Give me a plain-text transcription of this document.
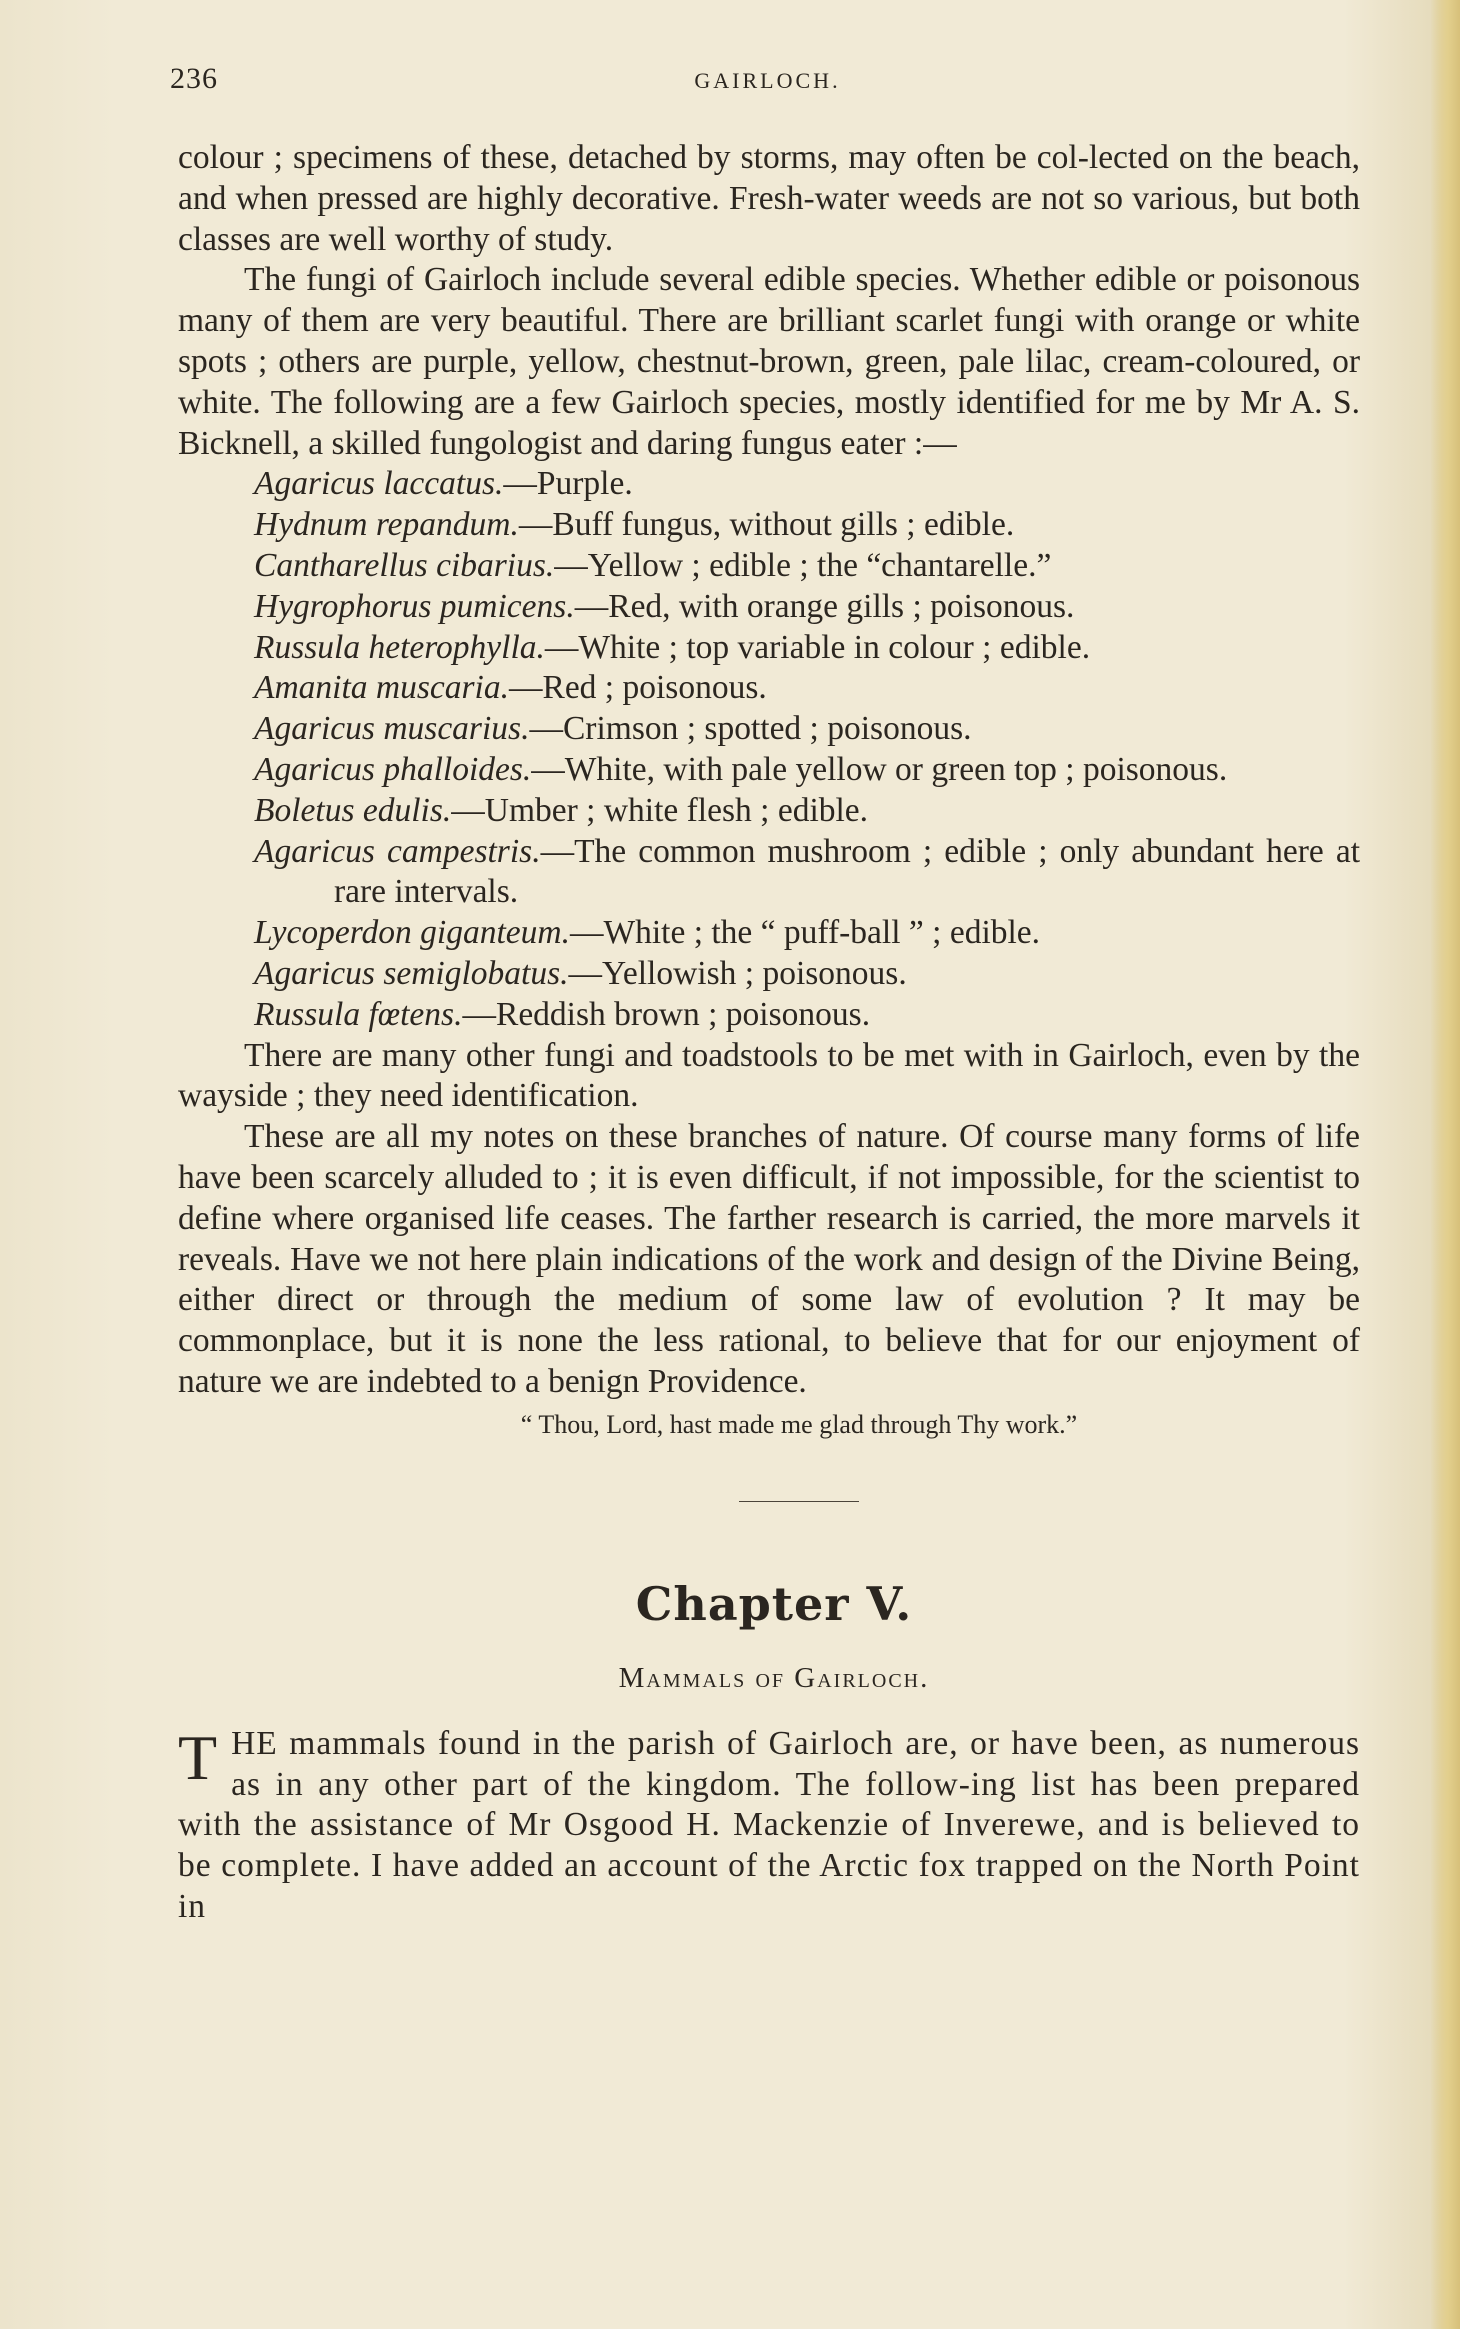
236	GAIRLOCH.

colour ; specimens of these, detached by storms, may often be col-lected on the beach, and when pressed are highly decorative. Fresh-water weeds are not so various, but both classes are well worthy of study.

The fungi of Gairloch include several edible species. Whether edible or poisonous many of them are very beautiful. There are brilliant scarlet fungi with orange or white spots ; others are purple, yellow, chestnut-brown, green, pale lilac, cream-coloured, or white. The following are a few Gairloch species, mostly identified for me by Mr A. S. Bicknell, a skilled fungologist and daring fungus eater :—

Agaricus laccatus.—Purple.
Hydnum repandum.—Buff fungus, without gills ; edible.
Cantharellus cibarius.—Yellow ; edible ; the “chantarelle.”
Hygrophorus pumicens.—Red, with orange gills ; poisonous.
Russula heterophylla.—White ; top variable in colour ; edible.
Amanita muscaria.—Red ; poisonous.
Agaricus muscarius.—Crimson ; spotted ; poisonous.
Agaricus phalloides.—White, with pale yellow or green top ; poisonous.
Boletus edulis.—Umber ; white flesh ; edible.
Agaricus campestris.—The common mushroom ; edible ; only abundant here at rare intervals.
Lycoperdon giganteum.—White ; the “ puff-ball ” ; edible.
Agaricus semiglobatus.—Yellowish ; poisonous.
Russula fœtens.—Reddish brown ; poisonous.

There are many other fungi and toadstools to be met with in Gairloch, even by the wayside ; they need identification.

These are all my notes on these branches of nature. Of course many forms of life have been scarcely alluded to ; it is even difficult, if not impossible, for the scientist to define where organised life ceases. The farther research is carried, the more marvels it reveals. Have we not here plain indications of the work and design of the Divine Being, either direct or through the medium of some law of evolution ? It may be commonplace, but it is none the less rational, to believe that for our enjoyment of nature we are indebted to a benign Providence.

“ Thou, Lord, hast made me glad through Thy work.”
Chapter V.
Mammals of Gairloch.

THE mammals found in the parish of Gairloch are, or have been, as numerous as in any other part of the kingdom. The follow-ing list has been prepared with the assistance of Mr Osgood H. Mackenzie of Inverewe, and is believed to be complete. I have added an account of the Arctic fox trapped on the North Point in
